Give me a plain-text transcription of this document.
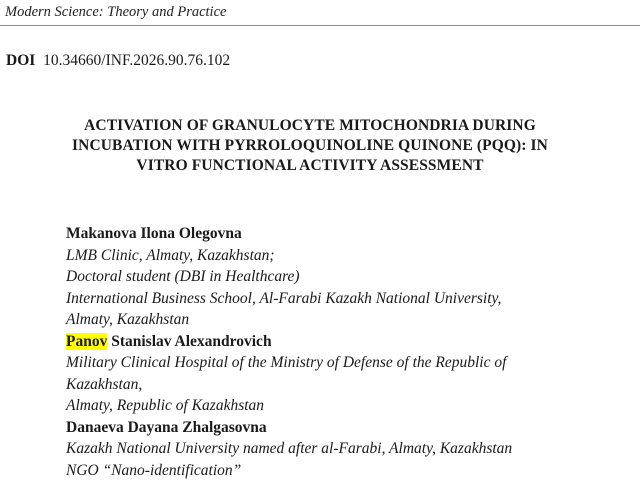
Modern Science: Theory and Practice
DOI 10.34660/INF.2026.90.76.102
ACTIVATION OF GRANULOCYTE MITOCHONDRIA DURING
INCUBATION WITH PYRROLOQUINOLINE QUINONE (PQQ): IN
VITRO FUNCTIONAL ACTIVITY ASSESSMENT
Makanova Ilona Olegovna
LMB Clinic, Almaty, Kazakhstan;
Doctoral student (DBI in Healthcare)
International Business School, Al-Farabi Kazakh National University,
Almaty, Kazakhstan
Panov Stanislav Alexandrovich
Military Clinical Hospital of the Ministry of Defense of the Republic of
Kazakhstan,
Almaty, Republic of Kazakhstan
Danaeva Dayana Zhalgasovna
Kazakh National University named after al-Farabi, Almaty, Kazakhstan
NGO “Nano-identification”
